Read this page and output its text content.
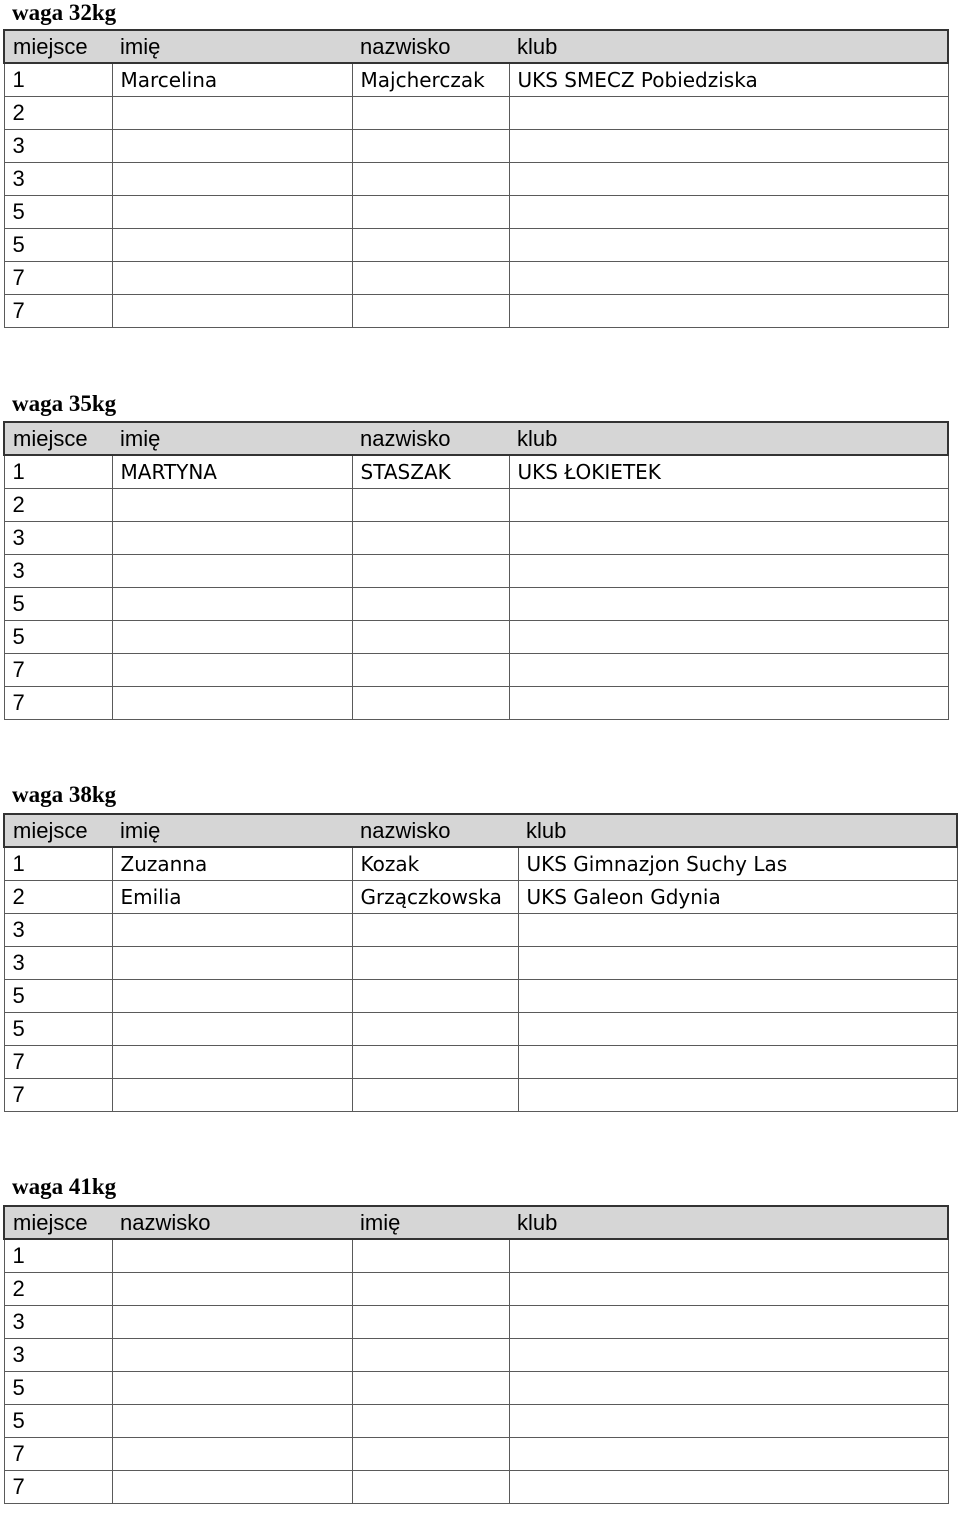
waga 32kg
miejsce	imię	nazwisko	klub
1	Marcelina	Majcherczak	UKS SMECZ Pobiedziska
2			
3			
3			
5			
5			
7			
7			
waga 35kg
miejsce	imię	nazwisko	klub
1	MARTYNA	STASZAK	UKS ŁOKIETEK
2			
3			
3			
5			
5			
7			
7			
waga 38kg
miejsce	imię	nazwisko	klub
1	Zuzanna	Kozak	UKS Gimnazjon Suchy Las
2	Emilia	Grzączkowska	UKS Galeon Gdynia
3			
3			
5			
5			
7			
7			
waga 41kg
miejsce	nazwisko	imię	klub
1			
2			
3			
3			
5			
5			
7			
7			
